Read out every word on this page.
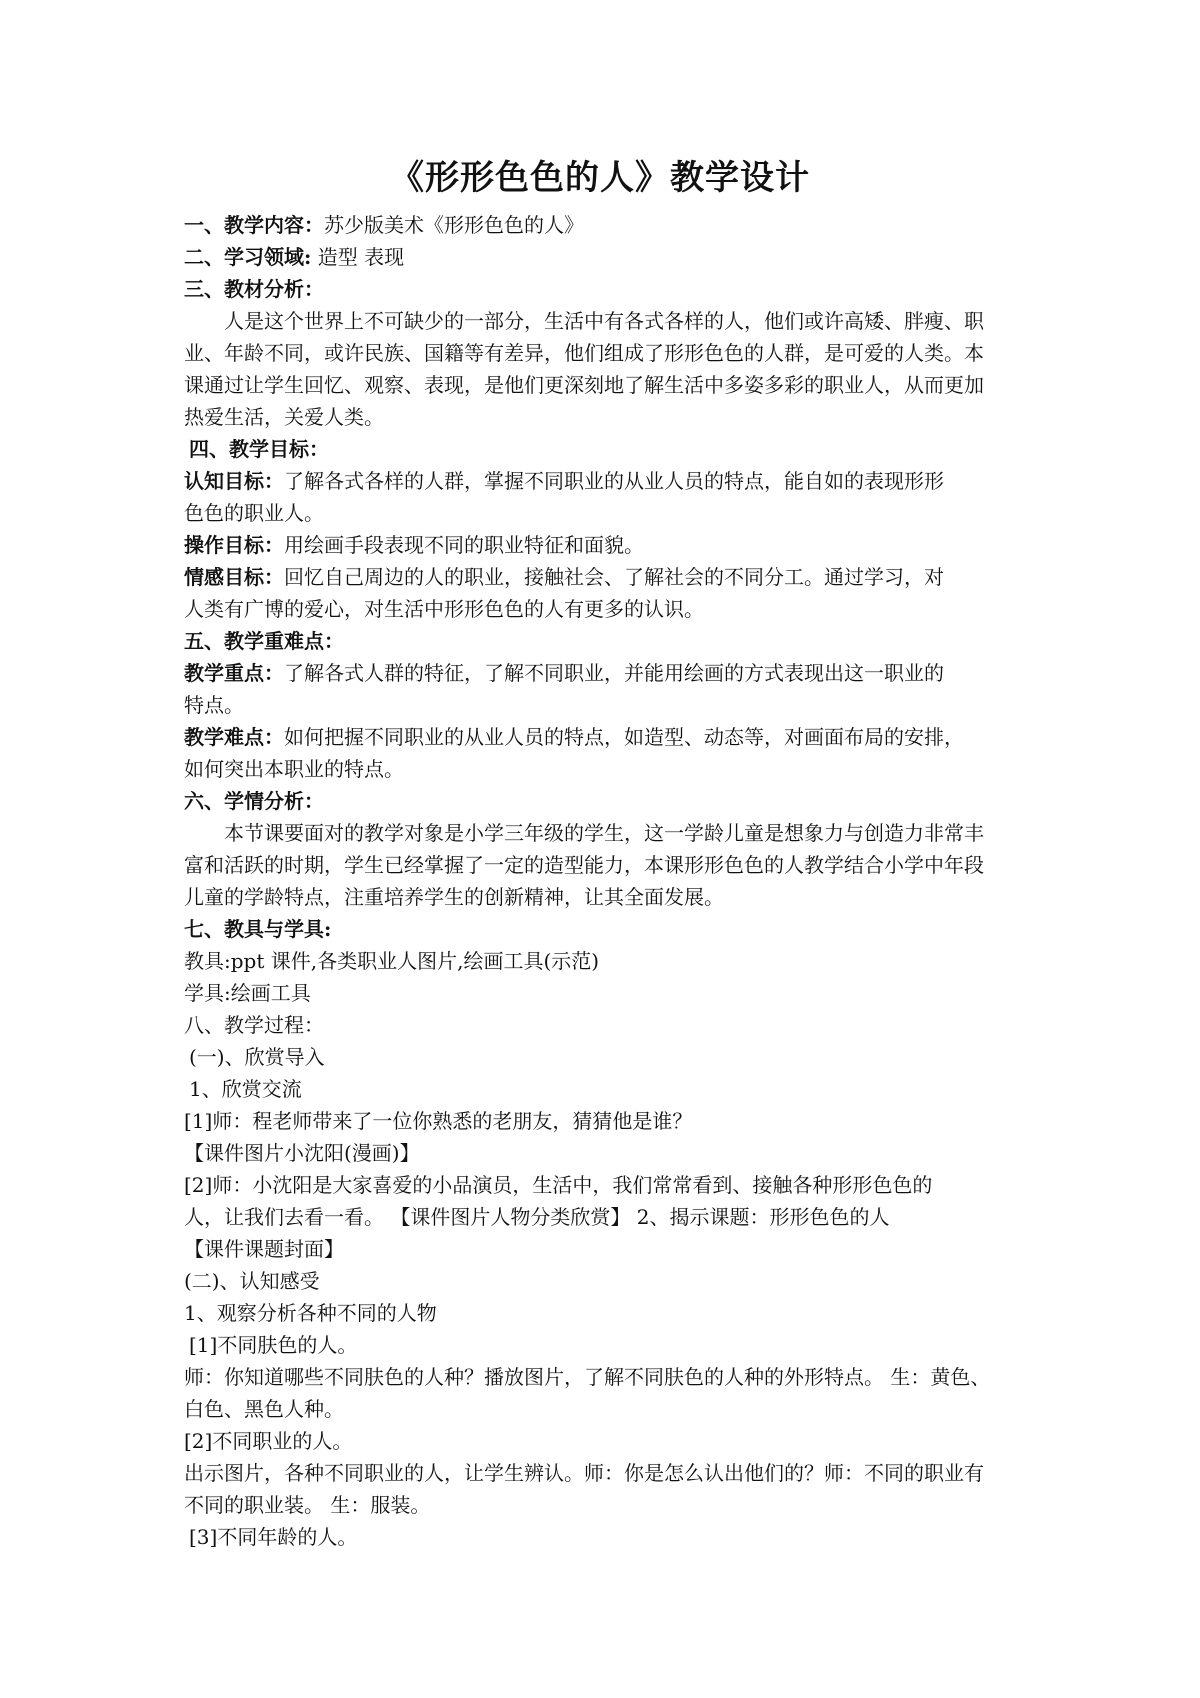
《形形色色的人》教学设计
一、教学内容：苏少版美术《形形色色的人》
二、学习领域: 造型 表现
三、教材分析：
人是这个世界上不可缺少的一部分，生活中有各式各样的人，他们或许高矮、胖瘦、职
业、年龄不同，或许民族、国籍等有差异，他们组成了形形色色的人群，是可爱的人类。本
课通过让学生回忆、观察、表现，是他们更深刻地了解生活中多姿多彩的职业人，从而更加
热爱生活，关爱人类。
四、教学目标：
认知目标：了解各式各样的人群，掌握不同职业的从业人员的特点，能自如的表现形形
色色的职业人。
操作目标：用绘画手段表现不同的职业特征和面貌。
情感目标：回忆自己周边的人的职业，接触社会、了解社会的不同分工。通过学习，对
人类有广博的爱心，对生活中形形色色的人有更多的认识。
五、教学重难点：
教学重点：了解各式人群的特征，了解不同职业，并能用绘画的方式表现出这一职业的
特点。
教学难点：如何把握不同职业的从业人员的特点，如造型、动态等，对画面布局的安排，
如何突出本职业的特点。
六、学情分析：
本节课要面对的教学对象是小学三年级的学生，这一学龄儿童是想象力与创造力非常丰
富和活跃的时期，学生已经掌握了一定的造型能力，本课形形色色的人教学结合小学中年段
儿童的学龄特点，注重培养学生的创新精神，让其全面发展。
七、教具与学具:
教具:ppt 课件,各类职业人图片,绘画工具(示范)
学具:绘画工具
八、教学过程：
(一)、欣赏导入
1、欣赏交流
[1]师：程老师带来了一位你熟悉的老朋友，猜猜他是谁？
【课件图片小沈阳(漫画)】
[2]师：小沈阳是大家喜爱的小品演员，生活中，我们常常看到、接触各种形形色色的
人，让我们去看一看。 【课件图片人物分类欣赏】 2、揭示课题：形形色色的人
【课件课题封面】
(二)、认知感受
1、观察分析各种不同的人物
[1]不同肤色的人。
师：你知道哪些不同肤色的人种？播放图片，了解不同肤色的人种的外形特点。 生：黄色、
白色、黑色人种。
[2]不同职业的人。
出示图片，各种不同职业的人，让学生辨认。师：你是怎么认出他们的？师：不同的职业有
不同的职业装。 生：服装。
[3]不同年龄的人。
